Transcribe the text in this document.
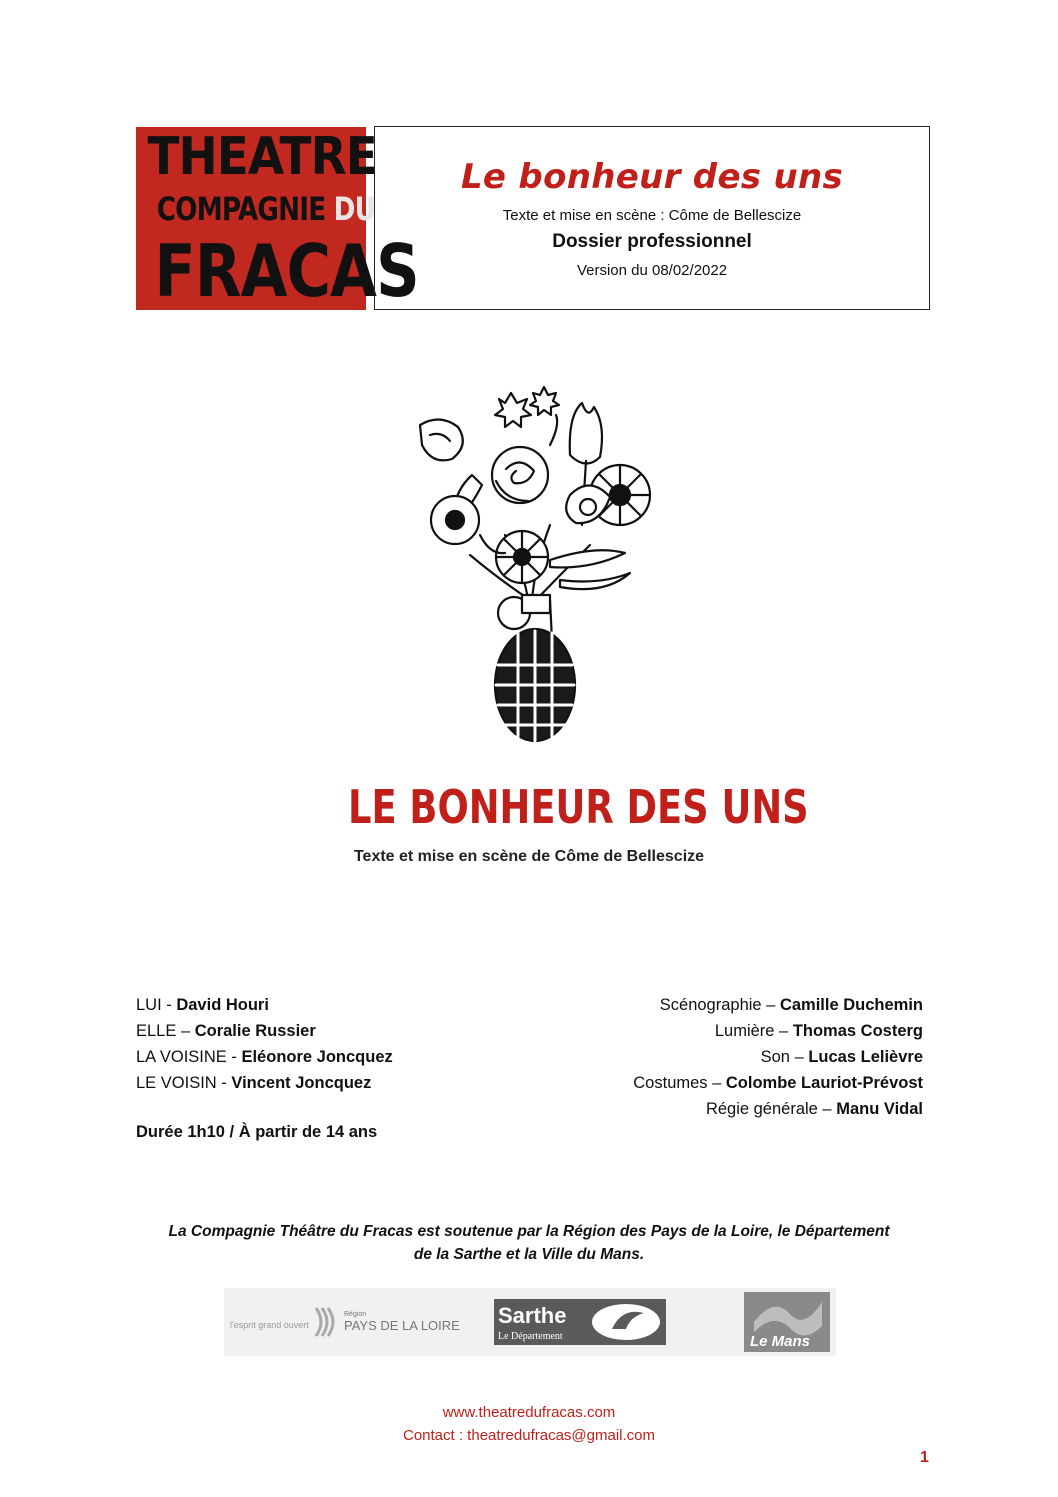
THEATRE
COMPAGNIE DU
FRACAS
Le bonheur des uns
Texte et mise en scène : Côme de Bellescize
Dossier professionnel
Version du 08/02/2022
LE BONHEUR DES UNS
Texte et mise en scène de Côme de Bellescize
LUI - David Houri
ELLE – Coralie Russier
LA VOISINE - Eléonore Joncquez
LE VOISIN - Vincent Joncquez
Scénographie – Camille Duchemin
Lumière – Thomas Costerg
Son – Lucas Lelièvre
Costumes – Colombe Lauriot-Prévost
Régie générale – Manu Vidal
Durée 1h10 / À partir de 14 ans
La Compagnie Théâtre du Fracas est soutenue par la Région des Pays de la Loire, le Département
de la Sarthe et la Ville du Mans.
l'esprit grand ouvert
Région
PAYS DE LA LOIRE Sarthe
Le Département	Le Mans
www.theatredufracas.com
Contact : theatredufracas@gmail.com
1
